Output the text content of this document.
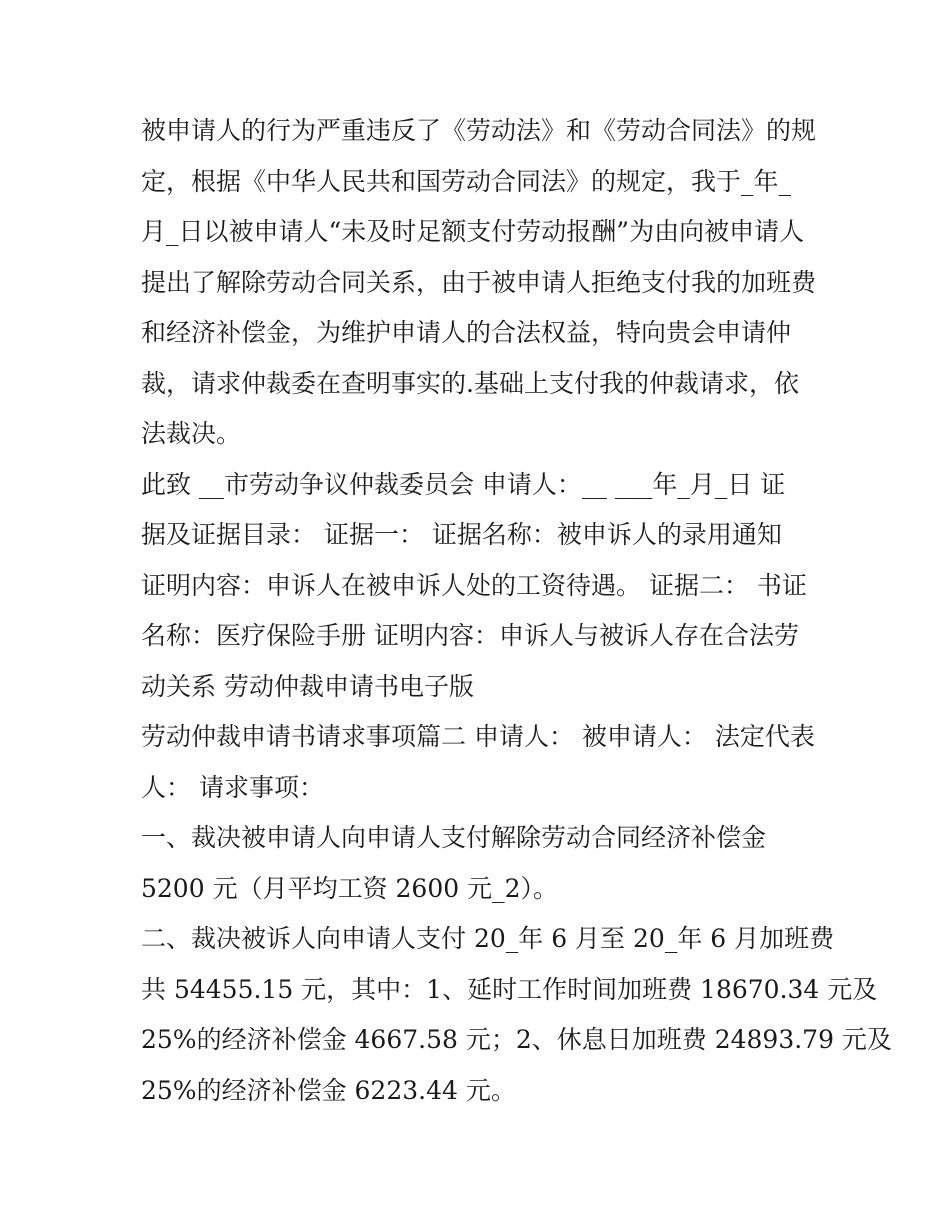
被申请人的行为严重违反了《劳动法》和《劳动合同法》的规
定，根据《中华人民共和国劳动合同法》的规定，我于_年_
月_日以被申请人“未及时足额支付劳动报酬”为由向被申请人
提出了解除劳动合同关系，由于被申请人拒绝支付我的加班费
和经济补偿金，为维护申请人的合法权益，特向贵会申请仲
裁，请求仲裁委在查明事实的.基础上支付我的仲裁请求，依
法裁决。
此致 __市劳动争议仲裁委员会 申请人：__ ___年_月_日 证
据及证据目录： 证据一： 证据名称：被申诉人的录用通知
证明内容：申诉人在被申诉人处的工资待遇。 证据二： 书证
名称：医疗保险手册 证明内容：申诉人与被诉人存在合法劳
动关系 劳动仲裁申请书电子版
劳动仲裁申请书请求事项篇二 申请人： 被申请人： 法定代表
人： 请求事项：
一、裁决被申请人向申请人支付解除劳动合同经济补偿金
5200 元（月平均工资 2600 元_2）。
二、裁决被诉人向申请人支付 20_年 6 月至 20_年 6 月加班费
共 54455.15 元，其中：1、延时工作时间加班费 18670.34 元及
25%的经济补偿金 4667.58 元；2、休息日加班费 24893.79 元及
25%的经济补偿金 6223.44 元。
